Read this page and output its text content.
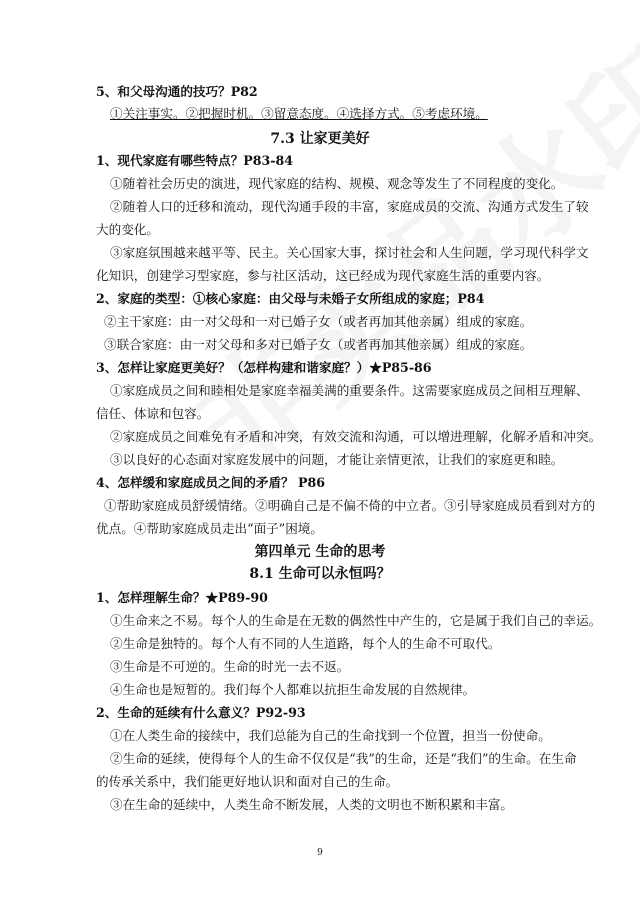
5、和父母沟通的技巧？P82
①关注事实。②把握时机。③留意态度。④选择方式。⑤考虑环境。
7.3 让家更美好
1、现代家庭有哪些特点？P83-84
①随着社会历史的演进，现代家庭的结构、规模、观念等发生了不同程度的变化。
②随着人口的迁移和流动，现代沟通手段的丰富，家庭成员的交流、沟通方式发生了较
大的变化。
③家庭氛围越来越平等、民主。关心国家大事，探讨社会和人生问题，学习现代科学文
化知识，创建学习型家庭，参与社区活动，这已经成为现代家庭生活的重要内容。
2、家庭的类型：①核心家庭：由父母与未婚子女所组成的家庭；P84
②主干家庭：由一对父母和一对已婚子女（或者再加其他亲属）组成的家庭。
③联合家庭：由一对父母和多对已婚子女（或者再加其他亲属）组成的家庭。
3、怎样让家庭更美好？（怎样构建和谐家庭？）★P85-86
①家庭成员之间和睦相处是家庭幸福美满的重要条件。这需要家庭成员之间相互理解、
信任、体谅和包容。
②家庭成员之间难免有矛盾和冲突，有效交流和沟通，可以增进理解，化解矛盾和冲突。
③以良好的心态面对家庭发展中的问题，才能让亲情更浓，让我们的家庭更和睦。
4、怎样缓和家庭成员之间的矛盾？ P86
①帮助家庭成员舒缓情绪。②明确自己是不偏不倚的中立者。③引导家庭成员看到对方的
优点。④帮助家庭成员走出“面子”困境。
第四单元 生命的思考
8.1 生命可以永恒吗？
1、怎样理解生命？★P89-90
①生命来之不易。每个人的生命是在无数的偶然性中产生的，它是属于我们自己的幸运。
②生命是独特的。每个人有不同的人生道路，每个人的生命不可取代。
③生命是不可逆的。生命的时光一去不返。
④生命也是短暂的。我们每个人都难以抗拒生命发展的自然规律。
2、生命的延续有什么意义？P92-93
①在人类生命的接续中，我们总能为自己的生命找到一个位置，担当一份使命。
②生命的延续，使得每个人的生命不仅仅是“我”的生命，还是“我们”的生命。在生命
的传承关系中，我们能更好地认识和面对自己的生命。
③在生命的延续中，人类生命不断发展，人类的文明也不断积累和丰富。
9
